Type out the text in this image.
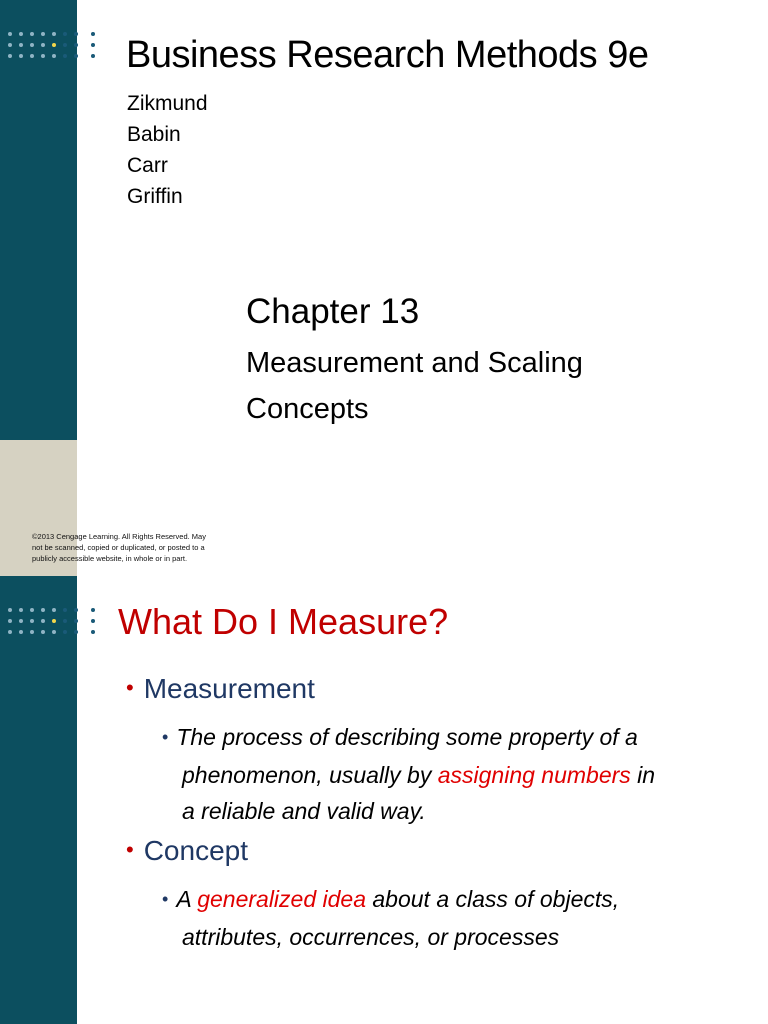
Business Research Methods 9e
Zikmund
Babin
Carr
Griffin
Chapter 13
Measurement and Scaling
Concepts
©2013 Cengage Learning. All Rights Reserved. May
not be scanned, copied or duplicated, or posted to a
publicly accessible website, in whole or in part.
What Do I Measure?
• Measurement
• The process of describing some property of a
phenomenon, usually by assigning numbers in
a reliable and valid way.
• Concept
• A generalized idea about a class of objects,
attributes, occurrences, or processes
